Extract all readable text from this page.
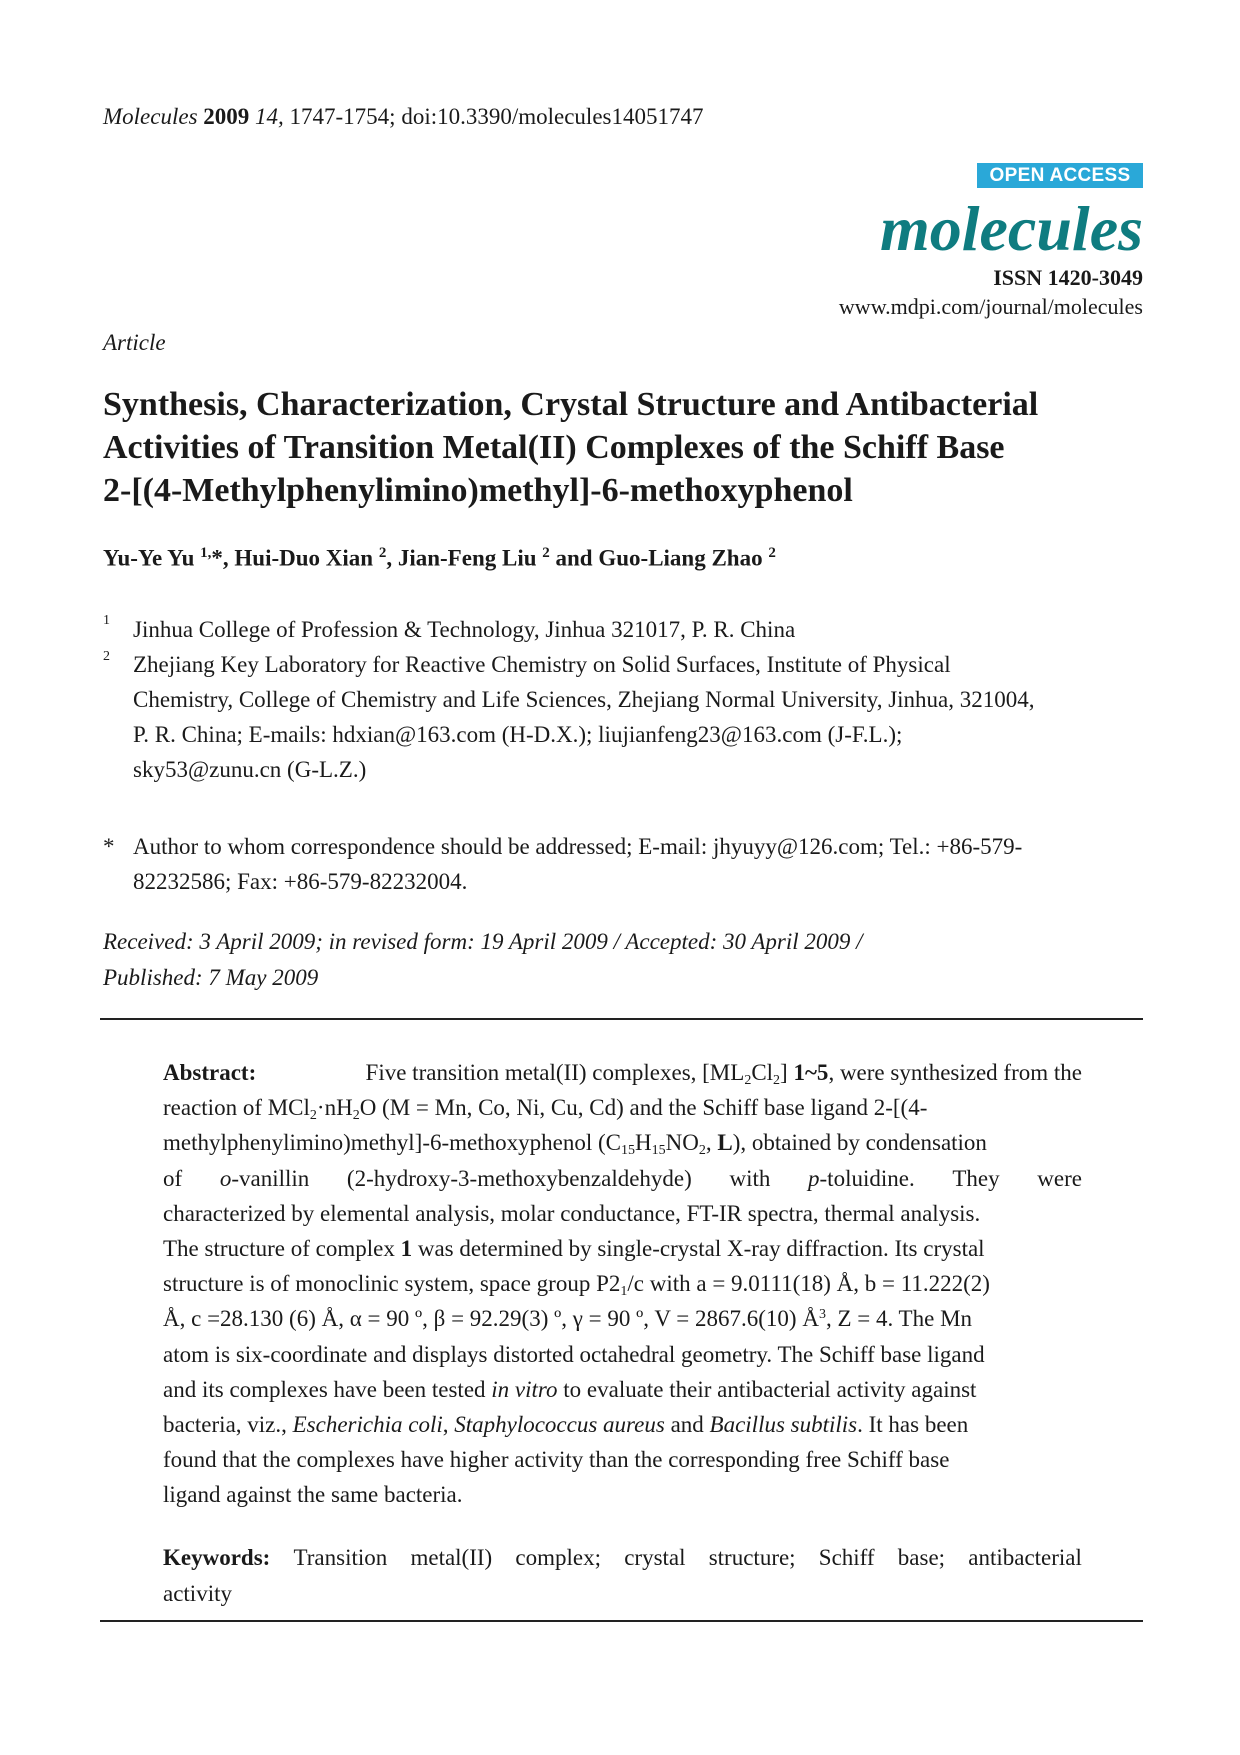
Molecules 2009 14, 1747-1754; doi:10.3390/molecules14051747
OPEN ACCESS
molecules
ISSN 1420-3049
www.mdpi.com/journal/molecules
Article
Synthesis, Characterization, Crystal Structure and Antibacterial
Activities of Transition Metal(II) Complexes of the Schiff Base
2-[(4-Methylphenylimino)methyl]-6-methoxyphenol
Yu-Ye Yu $^{1,}$*, Hui-Duo Xian $^2$, Jian-Feng Liu $^2$ and Guo-Liang Zhao $^2$
1 Jinhua College of Profession & Technology, Jinhua 321017, P. R. China
2 Zhejiang Key Laboratory for Reactive Chemistry on Solid Surfaces, Institute of Physical
Chemistry, College of Chemistry and Life Sciences, Zhejiang Normal University, Jinhua, 321004,
P. R. China; E-mails: hdxian@163.com (H-D.X.); liujianfeng23@163.com (J-F.L.);
sky53@zunu.cn (G-L.Z.)
* Author to whom correspondence should be addressed; E-mail: jhyuyy@126.com; Tel.: +86-579-
82232586; Fax: +86-579-82232004.
Received: 3 April 2009; in revised form: 19 April 2009 / Accepted: 30 April 2009 /
Published: 7 May 2009
Abstract:	Five transition metal(II) complexes, $[ML_2Cl_2]$ 1~5, were synthesized from the
reaction of $MCl_2\cdot nH_2O$ (M = Mn, Co, Ni, Cu, Cd) and the Schiff base ligand 2-[(4-
methylphenylimino)methyl]-6-methoxyphenol ($C_{15}H_{15}NO_2$, L), obtained by condensation
of o-vanillin (2-hydroxy-3-methoxybenzaldehyde) with p-toluidine. They were
characterized by elemental analysis, molar conductance, FT-IR spectra, thermal analysis.
The structure of complex 1 was determined by single-crystal X-ray diffraction. Its crystal
structure is of monoclinic system, space group $P2_1/c$ with a = 9.0111(18) Å, b = 11.222(2)
Å, c =28.130 (6) Å, α = 90 º, β = 92.29(3) º, γ = 90 º, V = 2867.6(10) $Å^3$, Z = 4. The Mn
atom is six-coordinate and displays distorted octahedral geometry. The Schiff base ligand
and its complexes have been tested in vitro to evaluate their antibacterial activity against
bacteria, viz., Escherichia coli, Staphylococcus aureus and Bacillus subtilis. It has been
found that the complexes have higher activity than the corresponding free Schiff base
ligand against the same bacteria.
Keywords: Transition metal(II) complex; crystal structure; Schiff base; antibacterial
activity
